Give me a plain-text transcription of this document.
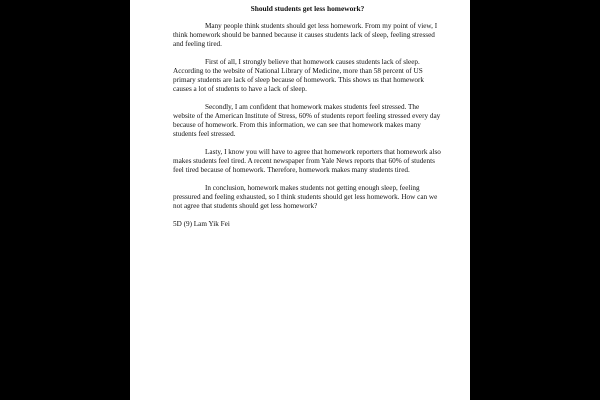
Should students get less homework?

Many people think students should get less homework. From my point of view, I think homework should be banned because it causes students lack of sleep, feeling stressed and feeling tired.

First of all, I strongly believe that homework causes students lack of sleep. According to the website of National Library of Medicine, more than 58 percent of US primary students are lack of sleep because of homework. This shows us that homework causes a lot of students to have a lack of sleep.

Secondly, I am confident that homework makes students feel stressed. The website of the American Institute of Stress, 60% of students report feeling stressed every day because of homework. From this information, we can see that homework makes many students feel stressed.

Lasty, I know you will have to agree that homework reporters that homework also makes students feel tired. A recent newspaper from Yale News reports that 60% of students feel tired because of homework. Therefore, homework makes many students tired.

In conclusion, homework makes students not getting enough sleep, feeling pressured and feeling exhausted, so I think students should get less homework. How can we not agree that students should get less homework?

5D (9) Lam Yik Fei
